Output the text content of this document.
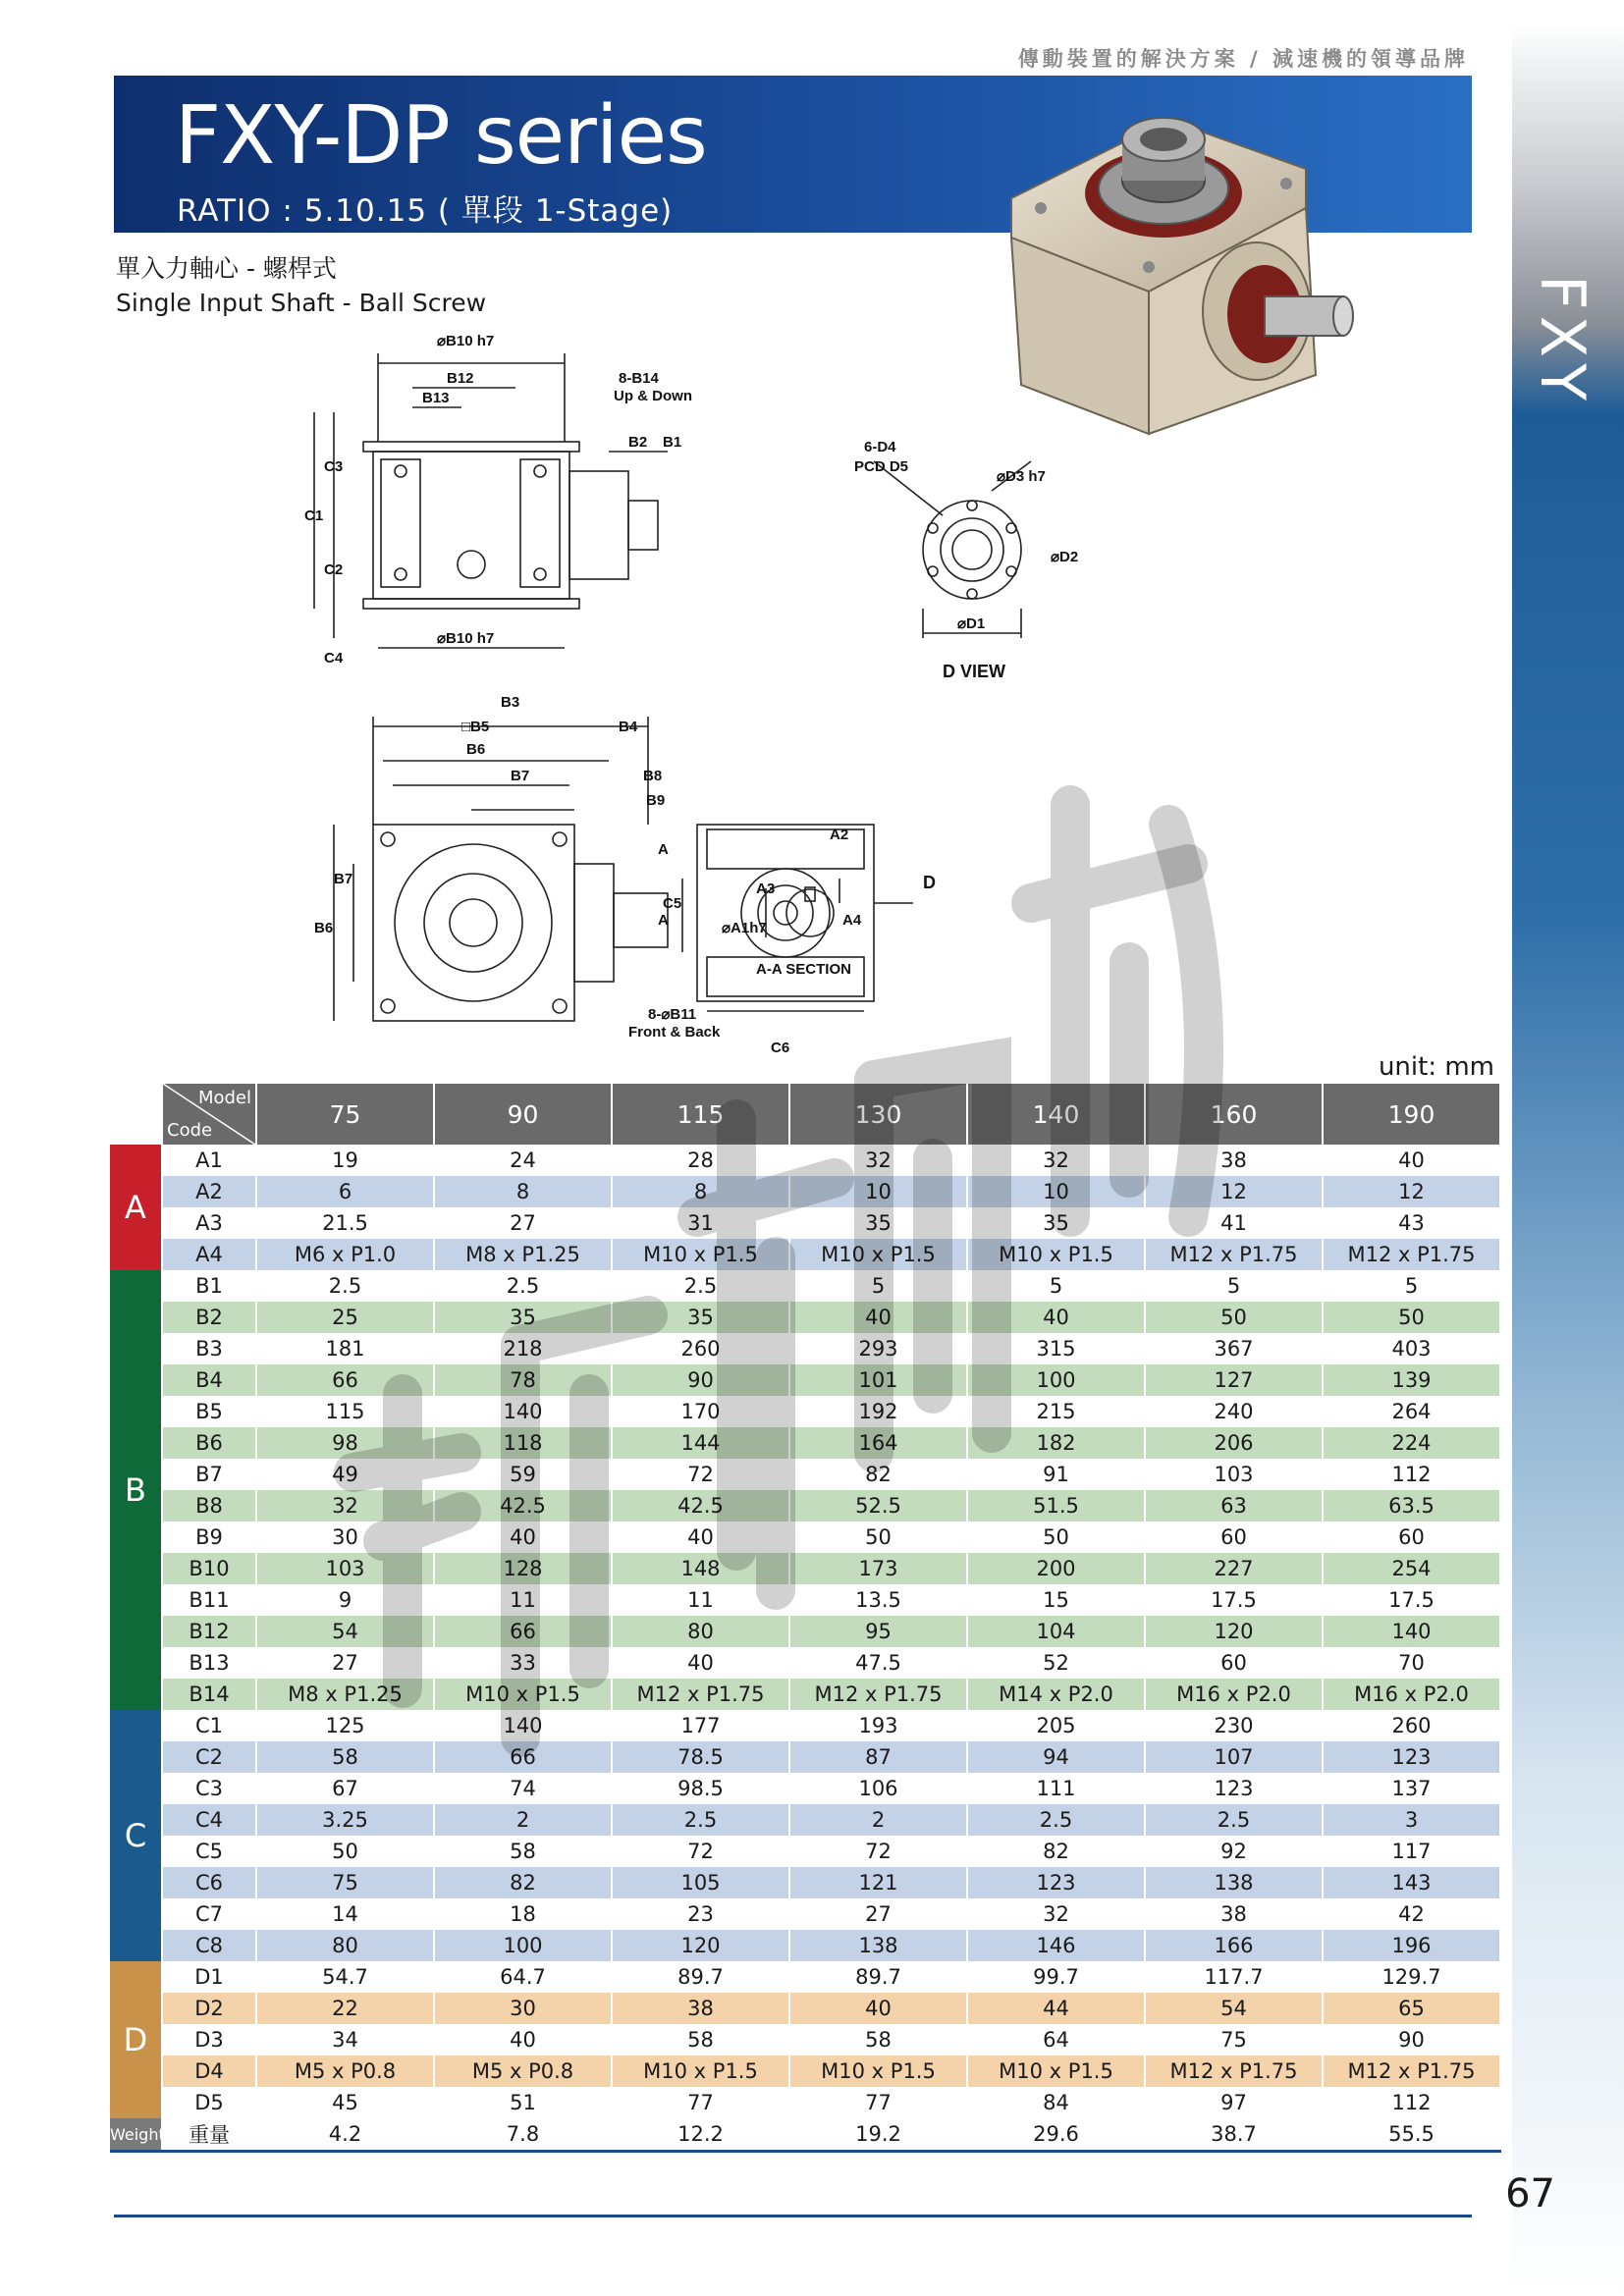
傳動裝置的解決方案 / 減速機的領導品牌
FXY-DP series
RATIO : 5.10.15 ( 單段 1-Stage)
FXY
單入力軸心 - 螺桿式
Single Input Shaft - Ball Screw
⌀B10 h7
B12
B13
8-B14
Up & Down
B2 B1
C1
C2
C3
C4
⌀B10 h7
6-D4
PCD D5
⌀D3 h7
⌀D2
⌀D1
D VIEW
B3
□B5	B4
B6
B7	B8
B9
B7
B6
A
A
8-⌀B11
Front & Back
A2
A3
⌀A1h7	A4
A-A SECTION
C5
C6
D
unit: mm

	Model
Code	75	90	115	130	140	160	190
A	A1	19	24	28	32	32	38	40
	A2	6	8	8	10	10	12	12
	A3	21.5	27	31	35	35	41	43
	A4	M6 x P1.0	M8 x P1.25	M10 x P1.5	M10 x P1.5	M10 x P1.5	M12 x P1.75	M12 x P1.75
B	B1	2.5	2.5	2.5	5	5	5	5
	B2	25	35	35	40	40	50	50
	B3	181	218	260	293	315	367	403
	B4	66	78	90	101	100	127	139
	B5	115	140	170	192	215	240	264
	B6	98	118	144	164	182	206	224
	B7	49	59	72	82	91	103	112
	B8	32	42.5	42.5	52.5	51.5	63	63.5
	B9	30	40	40	50	50	60	60
	B10	103	128	148	173	200	227	254
	B11	9	11	11	13.5	15	17.5	17.5
	B12	54	66	80	95	104	120	140
	B13	27	33	40	47.5	52	60	70
	B14	M8 x P1.25	M10 x P1.5	M12 x P1.75	M12 x P1.75	M14 x P2.0	M16 x P2.0	M16 x P2.0
C	C1	125	140	177	193	205	230	260
	C2	58	66	78.5	87	94	107	123
	C3	67	74	98.5	106	111	123	137
	C4	3.25	2	2.5	2	2.5	2.5	3
	C5	50	58	72	72	82	92	117
	C6	75	82	105	121	123	138	143
	C7	14	18	23	27	32	38	42
	C8	80	100	120	138	146	166	196
D	D1	54.7	64.7	89.7	89.7	99.7	117.7	129.7
	D2	22	30	38	40	44	54	65
	D3	34	40	58	58	64	75	90
	D4	M5 x P0.8	M5 x P0.8	M10 x P1.5	M10 x P1.5	M10 x P1.5	M12 x P1.75	M12 x P1.75
	D5	45	51	77	77	84	97	112
Weight	重量	4.2	7.8	12.2	19.2	29.6	38.7	55.5
67
